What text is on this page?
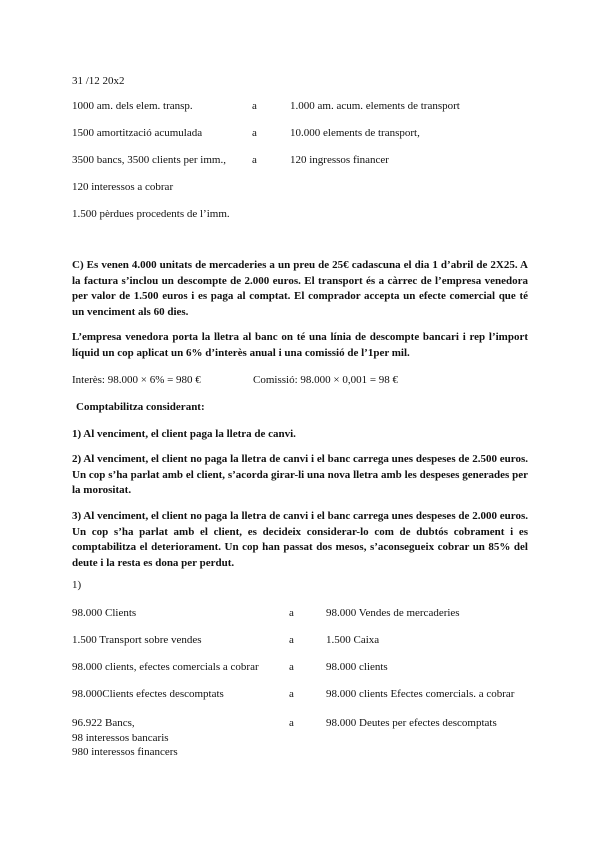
31 /12 20x2
1000 am. dels elem. transp.	a	1.000 am. acum. elements de transport
1500 amortització acumulada	a	10.000 elements de transport,
3500 bancs, 3500 clients per imm., a	120 ingressos financer
120 interessos a cobrar
1.500 pèrdues procedents de l’imm.
C) Es venen 4.000 unitats de mercaderies a un preu de 25€ cadascuna el dia 1 d’abril de 2X25. A la factura s’inclou un descompte de 2.000 euros. El transport és a càrrec de l’empresa venedora per valor de 1.500 euros i es paga al comptat. El comprador accepta un efecte comercial que té un venciment als 60 dies.
L’empresa venedora porta la lletra al banc on té una línia de descompte bancari i rep l’import líquid un cop aplicat un 6% d’interès anual i una comissió de l’1per mil.
Interès: 98.000 × 6% = 980 €	Comissió: 98.000 × 0,001 = 98 €
Comptabilitza considerant:
1) Al venciment, el client paga la lletra de canvi.
2) Al venciment, el client no paga la lletra de canvi i el banc carrega unes despeses de 2.500 euros. Un cop s’ha parlat amb el client, s’acorda girar-li una nova lletra amb les despeses generades per la morositat.
3) Al venciment, el client no paga la lletra de canvi i el banc carrega unes despeses de 2.000 euros. Un cop s’ha parlat amb el client, es decideix considerar-lo com de dubtós cobrament i es comptabilitza el deteriorament. Un cop han passat dos mesos, s’aconsegueix cobrar un 85% del deute i la resta es dona per perdut.
1)
98.000 Clients	a	98.000 Vendes de mercaderies
1.500 Transport sobre vendes	a	1.500 Caixa
98.000 clients, efectes comercials a cobrar	a	98.000 clients
98.000Clients efectes descomptats	a	98.000 clients Efectes comercials. a cobrar
96.922 Bancs,	a	98.000 Deutes per efectes descomptats
98 interessos bancaris
980 interessos financers
